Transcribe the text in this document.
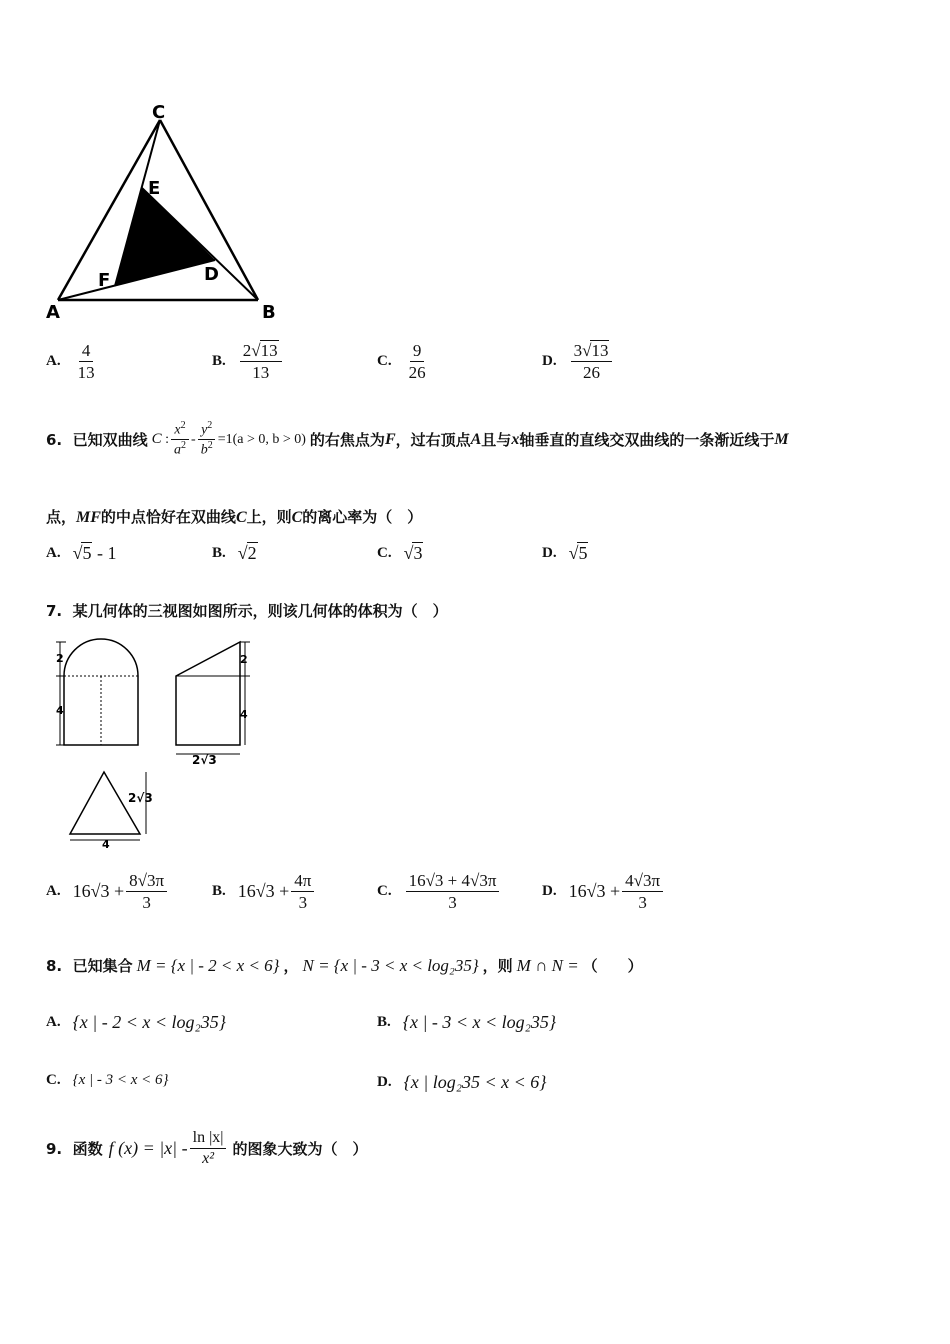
C
E
D
F
A	B
A. $\frac{4}{13}$	B. $\frac{2√13}{13}$	C. $\frac{9}{26}$	D. $\frac{3√13}{26}$
6.
已知双曲线 C : $\frac{x^2}{a^2} - \frac{y^2}{b^2} =1(a > 0$, b > 0) 的右焦点为 F ，过右顶点 A 且与 x 轴垂直的直线交双曲线的一条渐近线于 M
点，MF的中点恰好在双曲线C上，则C的离心率为（　）
A. √5 - 1	B. √2	C. √3	D. √5
7. 某几何体的三视图如图所示，则该几何体的体积为（　）
2
4
2
4
2√3
2√3
4
A. $16√3 + \frac{8√3\pi}{3}$	B. $16√3 + \frac{4\pi}{3}$	C. $\frac{16√3 + 4√3\pi}{3}$	D. $16√3 + \frac{4√3\pi}{3}$
8.
已知集合 M = {x | - 2 < x < 6} ， N = {x | - 3 < x < log₂35} ，则 M ∩ N = （　　）
A. {x | - 2 < x < log₂35}	B. {x | - 3 < x < log₂35}
C. {x | - 3 < x < 6}	D. {x | log₂35 < x < 6}
9.
函数 f $(x) = |x| - \frac{\ln |x|}{\text{x²}}$ 的图象大致为（　）
